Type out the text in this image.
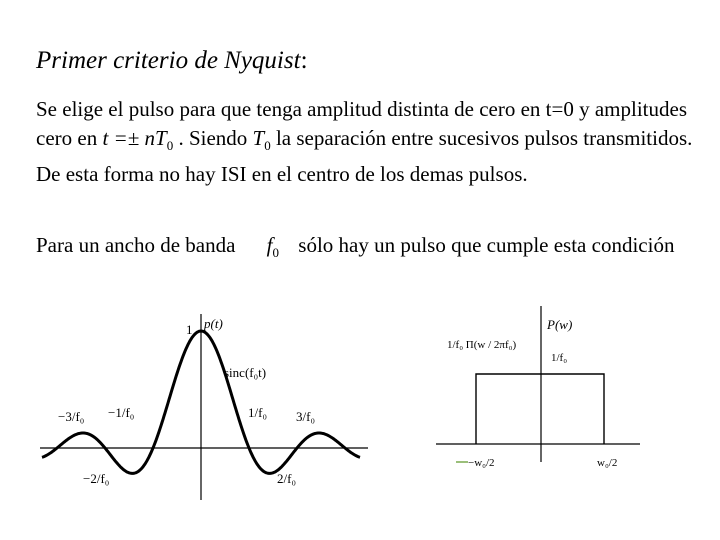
Primer criterio de Nyquist:
Se elige el pulso para que tenga amplitud distinta de cero en t=0 y amplitudes cero en $t =\pm nT_0$ . Siendo $T_0$ la separación entre sucesivos pulsos transmitidos. De esta forma no hay ISI en el centro de los demas pulsos.
Para un ancho de banda $f_0$ sólo hay un pulso que cumple esta condición
1 p(t)
sinc(f₀t)
−3/f₀ −1/f₀	1/f₀ 3/f₀
−2/f₀	2/f₀
P(w)
1/f₀ Π(w / 2πf₀)
1/f₀
−w₀/2	w₀/2
